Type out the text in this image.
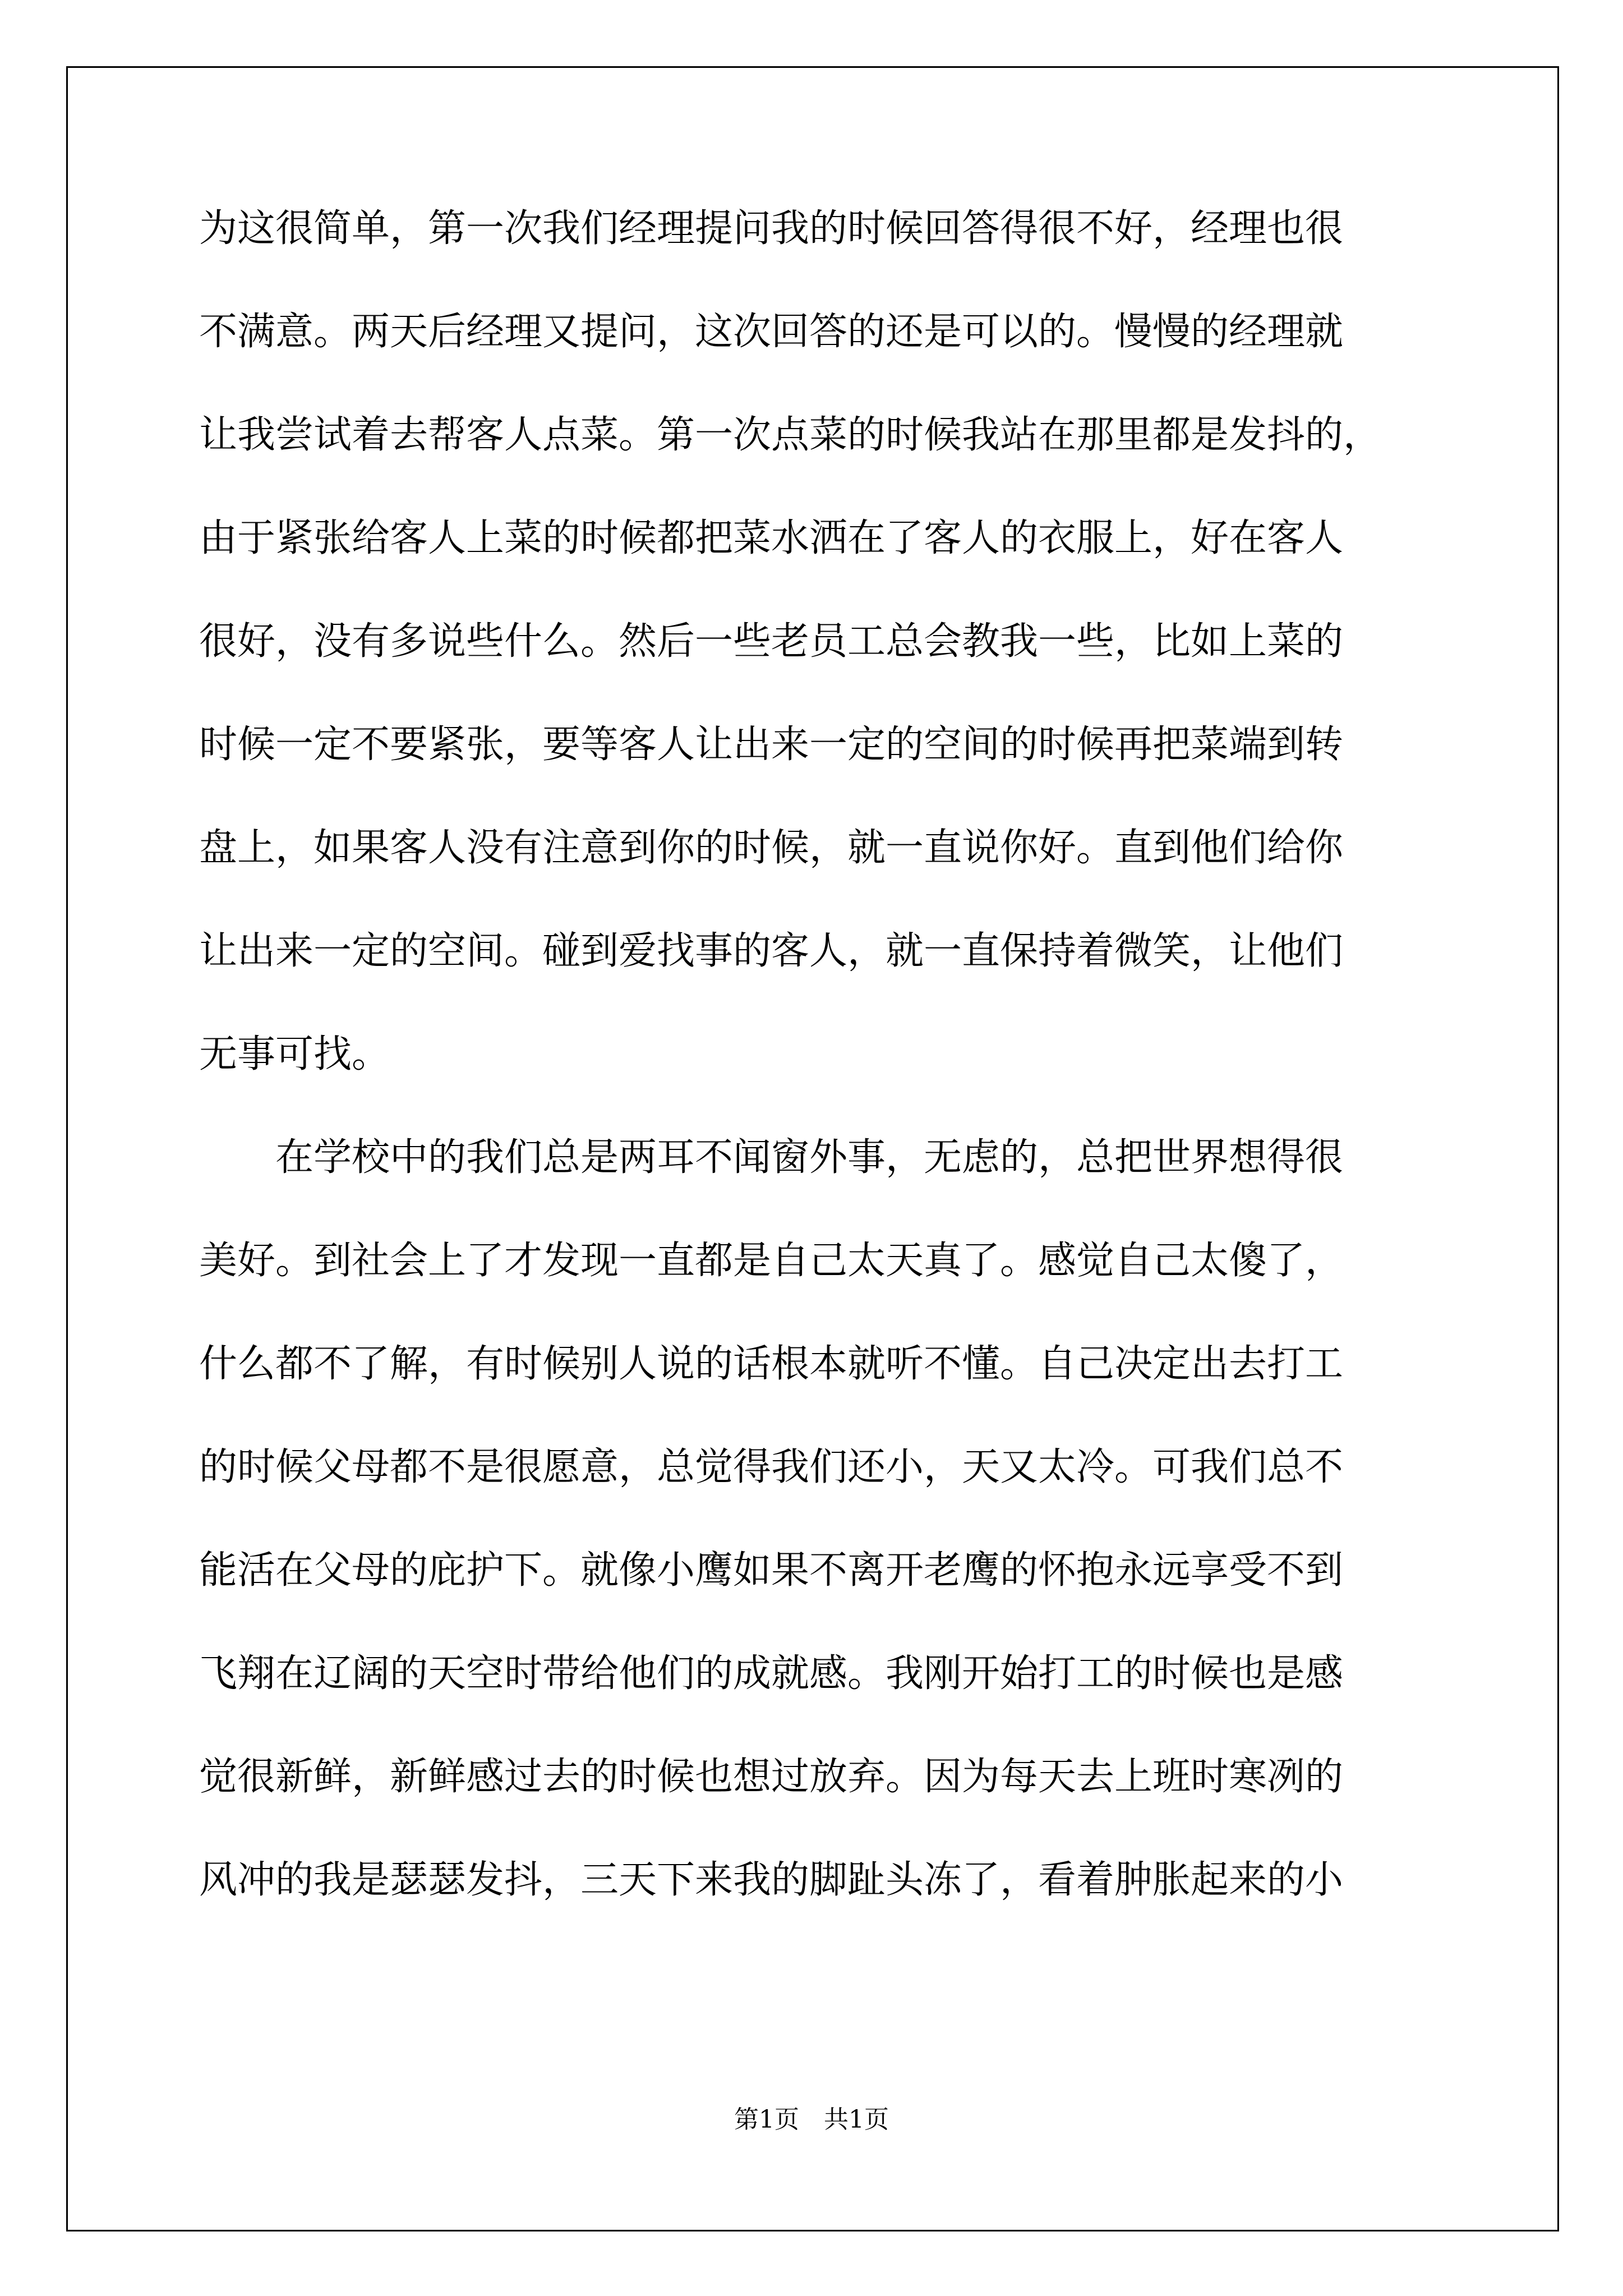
为这很简单，第一次我们经理提问我的时候回答得很不好，经理也很
不满意。两天后经理又提问，这次回答的还是可以的。慢慢的经理就
让我尝试着去帮客人点菜。第一次点菜的时候我站在那里都是发抖的，
由于紧张给客人上菜的时候都把菜水洒在了客人的衣服上，好在客人
很好，没有多说些什么。然后一些老员工总会教我一些，比如上菜的
时候一定不要紧张，要等客人让出来一定的空间的时候再把菜端到转
盘上，如果客人没有注意到你的时候，就一直说你好。直到他们给你
让出来一定的空间。碰到爱找事的客人，就一直保持着微笑，让他们
无事可找。
在学校中的我们总是两耳不闻窗外事，无虑的，总把世界想得很
美好。到社会上了才发现一直都是自己太天真了。感觉自己太傻了，
什么都不了解，有时候别人说的话根本就听不懂。自己决定出去打工
的时候父母都不是很愿意，总觉得我们还小，天又太冷。可我们总不
能活在父母的庇护下。就像小鹰如果不离开老鹰的怀抱永远享受不到
飞翔在辽阔的天空时带给他们的成就感。我刚开始打工的时候也是感
觉很新鲜，新鲜感过去的时候也想过放弃。因为每天去上班时寒冽的
风冲的我是瑟瑟发抖，三天下来我的脚趾头冻了，看着肿胀起来的小
第1页　共1页
